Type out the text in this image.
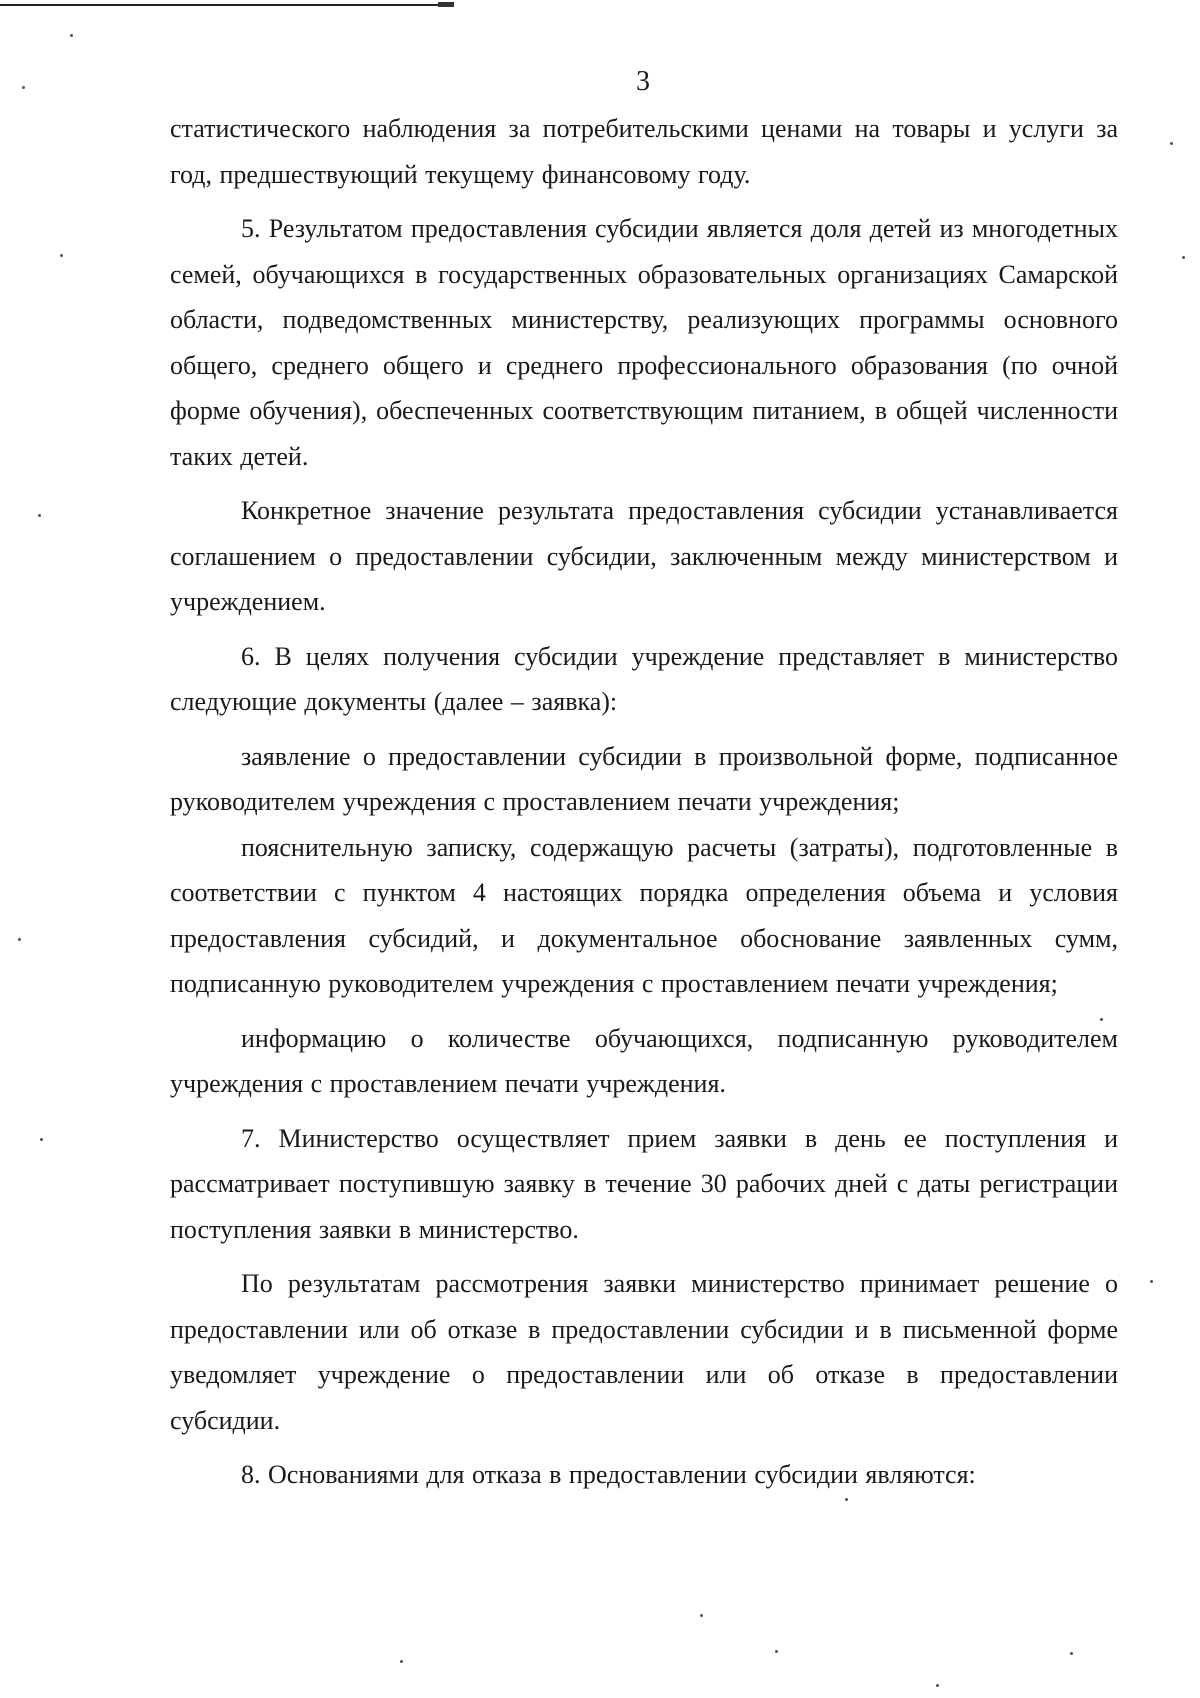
3

статистического наблюдения за потребительскими ценами на товары и услуги за год, предшествующий текущему финансовому году.

5. Результатом предоставления субсидии является доля детей из многодетных семей, обучающихся в государственных образовательных организациях Самарской области, подведомственных министерству, реализующих программы основного общего, среднего общего и среднего профессионального образования (по очной форме обучения), обеспеченных соответствующим питанием, в общей численности таких детей.

Конкретное значение результата предоставления субсидии устанавливается соглашением о предоставлении субсидии, заключенным между министерством и учреждением.

6. В целях получения субсидии учреждение представляет в министерство следующие документы (далее – заявка):

заявление о предоставлении субсидии в произвольной форме, подписанное руководителем учреждения с проставлением печати учреждения;

пояснительную записку, содержащую расчеты (затраты), подготовленные в соответствии с пунктом 4 настоящих порядка определения объема и условия предоставления субсидий, и документальное обоснование заявленных сумм, подписанную руководителем учреждения с проставлением печати учреждения;

информацию о количестве обучающихся, подписанную руководителем учреждения с проставлением печати учреждения.

7. Министерство осуществляет прием заявки в день ее поступления и рассматривает поступившую заявку в течение 30 рабочих дней с даты регистрации поступления заявки в министерство.

По результатам рассмотрения заявки министерство принимает решение о предоставлении или об отказе в предоставлении субсидии и в письменной форме уведомляет учреждение о предоставлении или об отказе в предоставлении субсидии.

8. Основаниями для отказа в предоставлении субсидии являются:
